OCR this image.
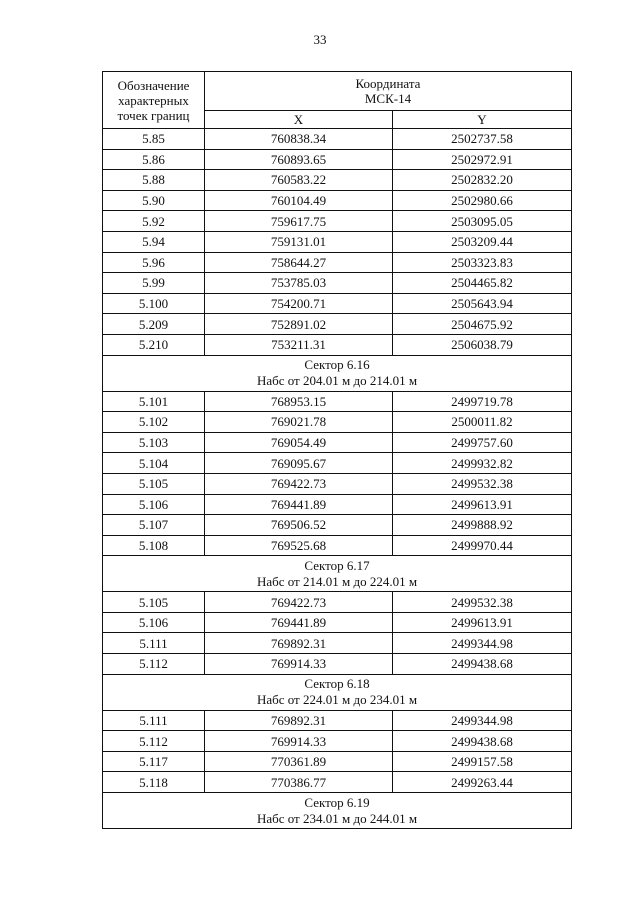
33
Обозначение
характерных
точек границ	Координата
МСК-14	
	X	Y
5.85	760838.34	2502737.58
5.86	760893.65	2502972.91
5.88	760583.22	2502832.20
5.90	760104.49	2502980.66
5.92	759617.75	2503095.05
5.94	759131.01	2503209.44
5.96	758644.27	2503323.83
5.99	753785.03	2504465.82
5.100	754200.71	2505643.94
5.209	752891.02	2504675.92
5.210	753211.31	2506038.79

Сектор 6.16
Набс от 204.01 м до 214.01 м		

5.101	768953.15	2499719.78
5.102	769021.78	2500011.82
5.103	769054.49	2499757.60
5.104	769095.67	2499932.82
5.105	769422.73	2499532.38
5.106	769441.89	2499613.91
5.107	769506.52	2499888.92
5.108	769525.68	2499970.44

Сектор 6.17
Набс от 214.01 м до 224.01 м		

5.105	769422.73	2499532.38
5.106	769441.89	2499613.91
5.111	769892.31	2499344.98
5.112	769914.33	2499438.68

Сектор 6.18
Набс от 224.01 м до 234.01 м		

5.111	769892.31	2499344.98
5.112	769914.33	2499438.68
5.117	770361.89	2499157.58
5.118	770386.77	2499263.44

Сектор 6.19
Набс от 234.01 м до 244.01 м		
